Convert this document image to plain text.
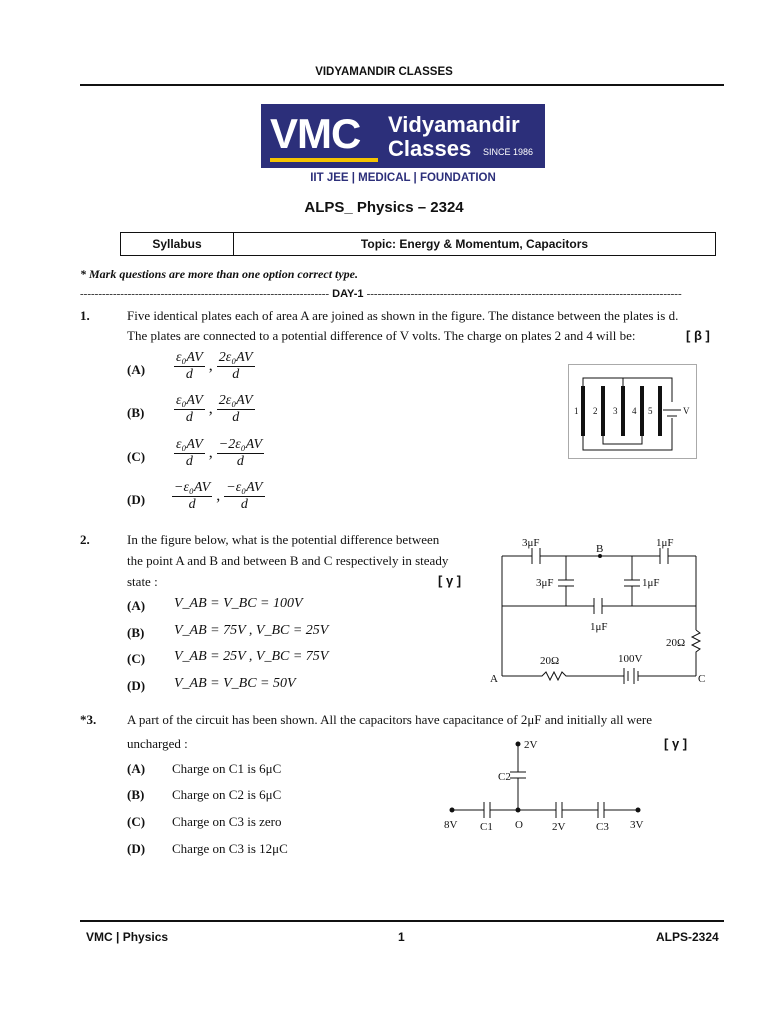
VIDYAMANDIR CLASSES
VMC Vidyamandir
Classes SINCE 1986
IIT JEE | MEDICAL | FOUNDATION
ALPS_ Physics – 2324
Syllabus	Topic: Energy & Momentum, Capacitors
* Mark questions are more than one option correct type.
-------------------------------------------------------------------- DAY-1 --------------------------------------------------------------------------------------
1.	Five identical plates each of area A are joined as shown in the figure. The distance between the plates is d.
The plates are connected to a potential difference of V volts. The charge on plates 2 and 4 will be:	[ β ]
$(A) \frac{\text{ε₀AV}}{d}$ , $\frac{\text{2ε₀AV}}{d}$
$(B) \frac{\text{ε₀AV}}{d}$ , $\frac{\text{2ε₀AV}}{d}$
$(C) \frac{\text{ε₀AV}}{d}$ , $\frac{\text{−2ε₀AV}}{d}$
$(D) \frac{\text{−ε₀AV}}{d}$ , $\frac{\text{−ε₀AV}}{d}$
1 2 3 4 5	V
2.	In the figure below, what is the potential difference between
the point A and B and between B and C respectively in steady
state :	[ γ ]
(A) V_AB = V_BC = 100V
(B) V_AB = 75V , V_BC = 25V
(C) V_AB = 25V , V_BC = 75V
(D) V_AB = V_BC = 50V
3μF	B	1μF
3μF	1μF
1μF
20Ω
20Ω	100V
A	C
*3. A part of the circuit has been shown. All the capacitors have capacitance of 2μF and initially all were
uncharged :	[ γ ]
(A) Charge on C1 is 6μC
(B) Charge on C2 is 6μC
(C) Charge on C3 is zero
(D) Charge on C3 is 12μC
2V
C2
8V C1 O	2V	C3 3V
VMC | Physics	1	ALPS-2324
